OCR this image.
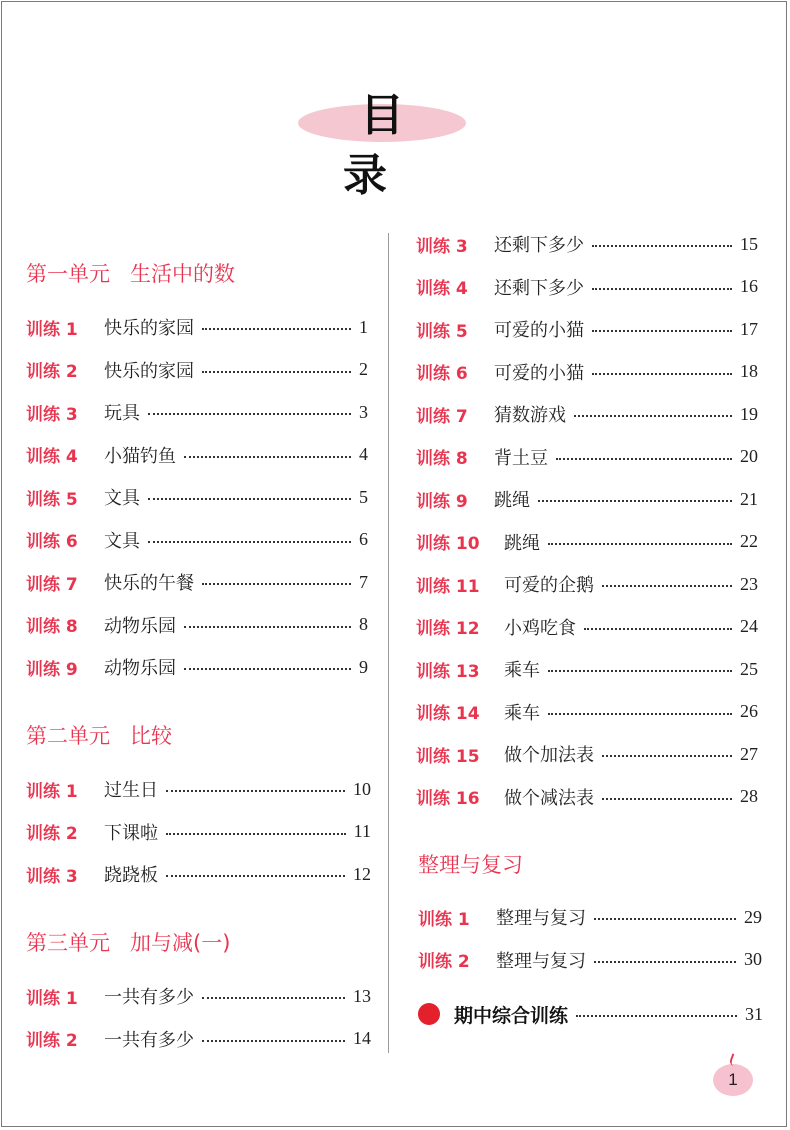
目 录
第一单元   生活中的数
训练 1	快乐的家园	1
训练 2	快乐的家园	2
训练 3	玩具	3
训练 4	小猫钓鱼	4
训练 5	文具	5
训练 6	文具	6
训练 7	快乐的午餐	7
训练 8	动物乐园	8
训练 9	动物乐园	9
第二单元   比较
训练 1	过生日	10
训练 2	下课啦	11
训练 3	跷跷板	12
第三单元   加与减(一)
训练 1	一共有多少	13
训练 2	一共有多少	14
训练 3	还剩下多少	15
训练 4	还剩下多少	16
训练 5	可爱的小猫	17
训练 6	可爱的小猫	18
训练 7	猜数游戏	19
训练 8	背土豆	20
训练 9	跳绳	21
训练 10	跳绳	22
训练 11	可爱的企鹅	23
训练 12	小鸡吃食	24
训练 13	乘车	25
训练 14	乘车	26
训练 15	做个加法表	27
训练 16	做个减法表	28
整理与复习
训练 1	整理与复习	29
训练 2	整理与复习	30
期中综合训练	31
1
